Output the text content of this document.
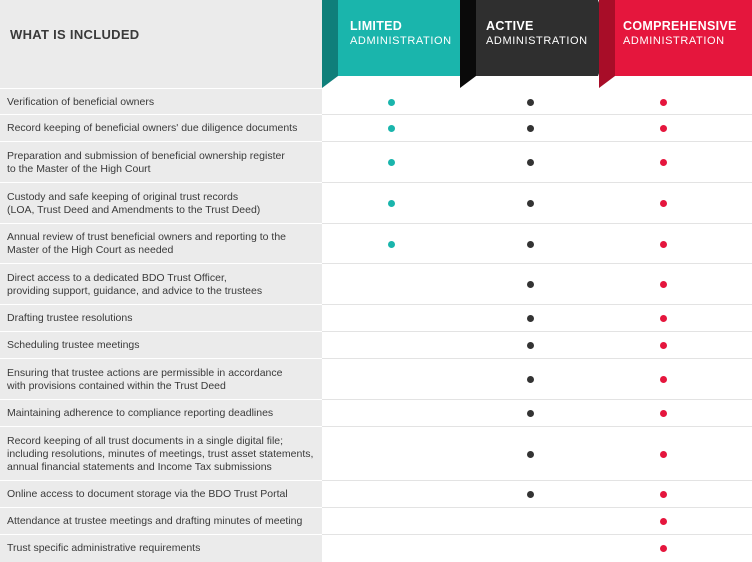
WHAT IS INCLUDED
LIMITED
ADMINISTRATION
ACTIVE
ADMINISTRATION
COMPREHENSIVE
ADMINISTRATION
Verification of beneficial owners
Record keeping of beneficial owners' due diligence documents
Preparation and submission of beneficial ownership register
to the Master of the High Court
Custody and safe keeping of original trust records
(LOA, Trust Deed and Amendments to the Trust Deed)
Annual review of trust beneficial owners and reporting to the
Master of the High Court as needed
Direct access to a dedicated BDO Trust Officer,
providing support, guidance, and advice to the trustees
Drafting trustee resolutions
Scheduling trustee meetings
Ensuring that trustee actions are permissible in accordance
with provisions contained within the Trust Deed
Maintaining adherence to compliance reporting deadlines
Record keeping of all trust documents in a single digital file;
including resolutions, minutes of meetings, trust asset statements,
annual financial statements and Income Tax submissions
Online access to document storage via the BDO Trust Portal
Attendance at trustee meetings and drafting minutes of meeting
Trust specific administrative requirements
